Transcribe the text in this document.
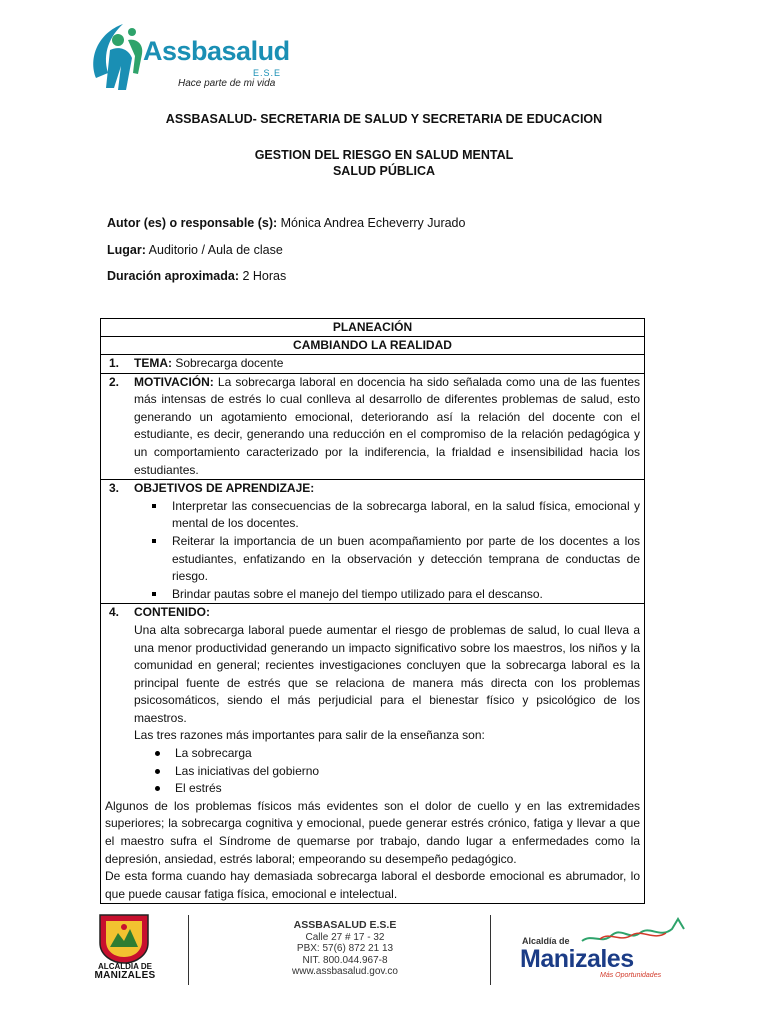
Assbasalud
E.S.E
Hace parte de mi vida
ASSBASALUD- SECRETARIA DE SALUD Y SECRETARIA DE EDUCACION
GESTION DEL RIESGO EN SALUD MENTAL
SALUD PÚBLICA
Autor (es) o responsable (s): Mónica Andrea Echeverry Jurado
Lugar: Auditorio / Aula de clase
Duración aproximada: 2 Horas
PLANEACIÓN
CAMBIANDO LA REALIDAD
1. TEMA: Sobrecarga docente
2. MOTIVACIÓN: La sobrecarga laboral en docencia ha sido señalada como una de las fuentes más intensas de estrés lo cual conlleva al desarrollo de diferentes problemas de salud, esto generando un agotamiento emocional, deteriorando así la relación del docente con el estudiante, es decir, generando una reducción en el compromiso de la relación pedagógica y un comportamiento caracterizado por la indiferencia, la frialdad e insensibilidad hacia los estudiantes.
3. OBJETIVOS DE APRENDIZAJE:
Interpretar las consecuencias de la sobrecarga laboral, en la salud física, emocional y mental de los docentes.
Reiterar la importancia de un buen acompañamiento por parte de los docentes a los estudiantes, enfatizando en la observación y detección temprana de conductas de riesgo.
Brindar pautas sobre el manejo del tiempo utilizado para el descanso.
4. CONTENIDO:
Una alta sobrecarga laboral puede aumentar el riesgo de problemas de salud, lo cual lleva a una menor productividad generando un impacto significativo sobre los maestros, los niños y la comunidad en general; recientes investigaciones concluyen que la sobrecarga laboral es la principal fuente de estrés que se relaciona de manera más directa con los problemas psicosomáticos, siendo el más perjudicial para el bienestar físico y psicológico de los maestros.
Las tres razones más importantes para salir de la enseñanza son:
La sobrecarga
Las iniciativas del gobierno
El estrés
Algunos de los problemas físicos más evidentes son el dolor de cuello y en las extremidades superiores; la sobrecarga cognitiva y emocional, puede generar estrés crónico, fatiga y llevar a que el maestro sufra el Síndrome de quemarse por trabajo, dando lugar a enfermedades como la depresión, ansiedad, estrés laboral; empeorando su desempeño pedagógico.
De esta forma cuando hay demasiada sobrecarga laboral el desborde emocional es abrumador, lo que puede causar fatiga física, emocional e intelectual.
ALCALDÍA DE
MANIZALES
ASSBASALUD E.S.E
Calle 27 # 17 - 32
PBX: 57(6) 872 21 13
NIT. 800.044.967-8
www.assbasalud.gov.co
Alcaldía de
Manizales
Más Oportunidades
